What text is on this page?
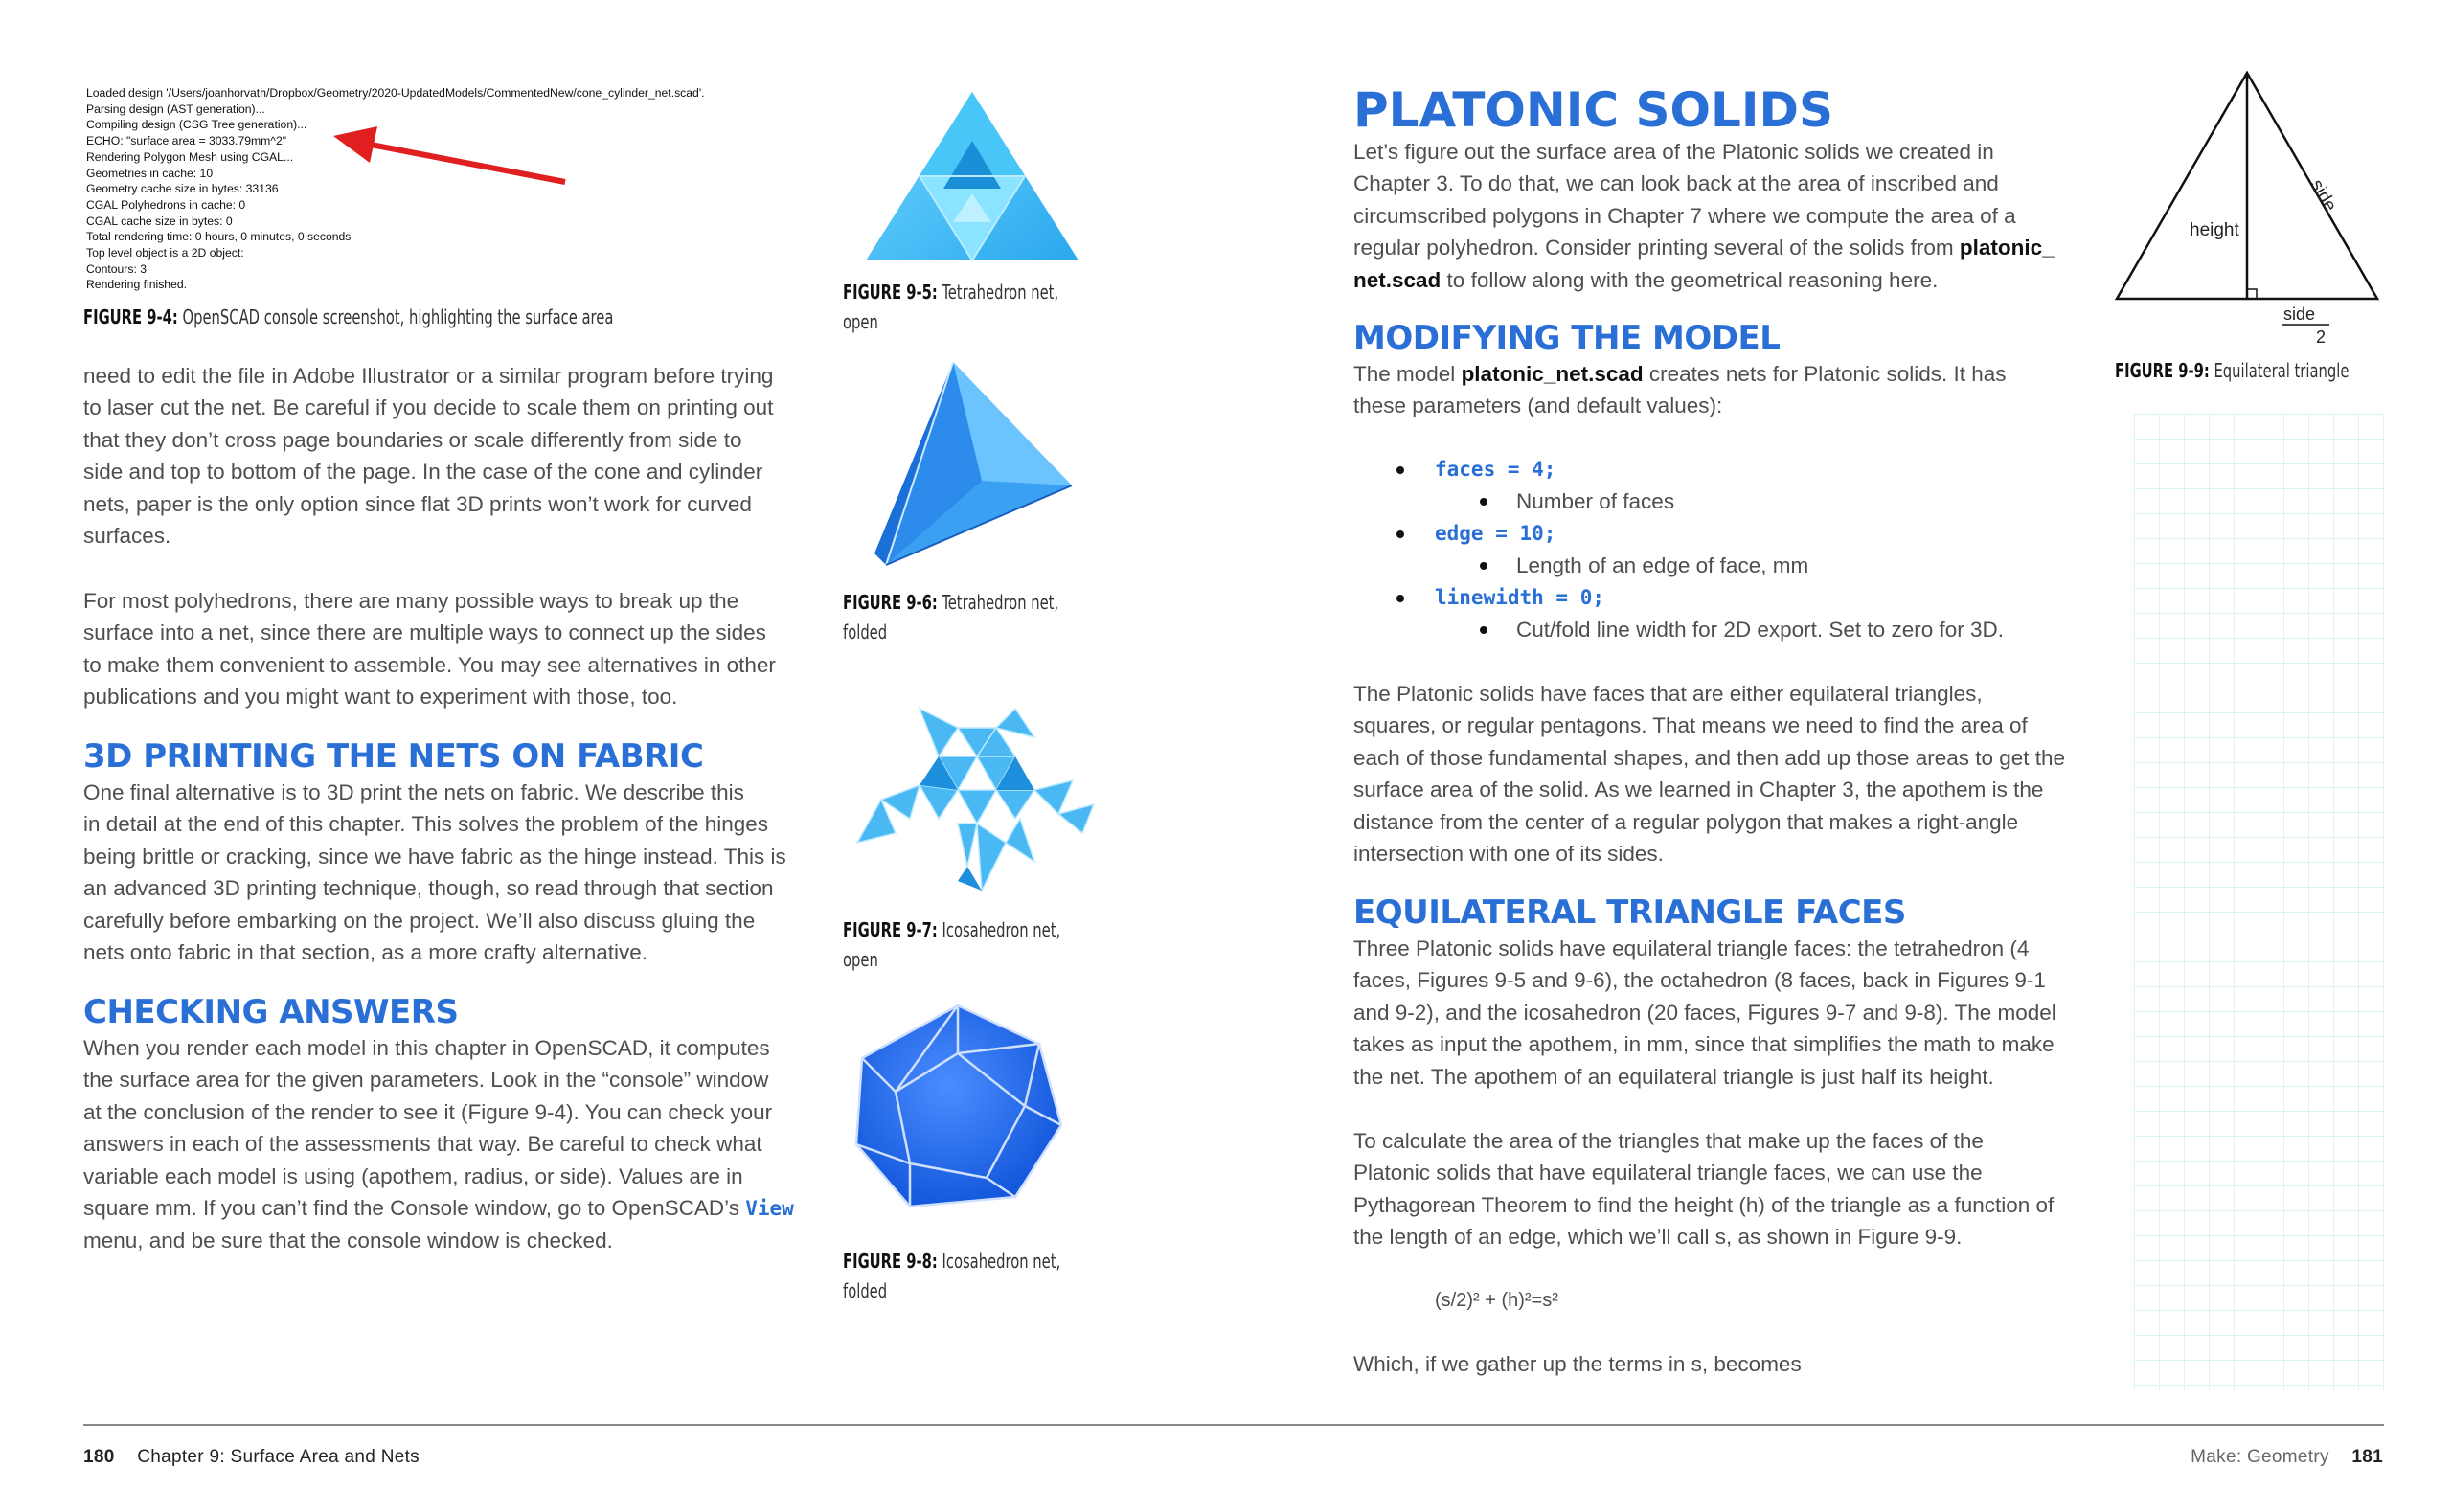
Loaded design '/Users/joanhorvath/Dropbox/Geometry/2020-UpdatedModels/CommentedNew/cone_cylinder_net.scad'.
Parsing design (AST generation)...
Compiling design (CSG Tree generation)...
ECHO: "surface area = 3033.79mm^2"
Rendering Polygon Mesh using CGAL...
Geometries in cache: 10
Geometry cache size in bytes: 33136
CGAL Polyhedrons in cache: 0
CGAL cache size in bytes: 0
Total rendering time: 0 hours, 0 minutes, 0 seconds
Top level object is a 2D object:
Contours: 3
Rendering finished.
FIGURE 9-4: OpenSCAD console screenshot, highlighting the surface area
need to edit the file in Adobe Illustrator or a similar program before trying
to laser cut the net. Be careful if you decide to scale them on printing out
that they don’t cross page boundaries or scale differently from side to
side and top to bottom of the page. In the case of the cone and cylinder
nets, paper is the only option since flat 3D prints won’t work for curved
surfaces.
For most polyhedrons, there are many possible ways to break up the
surface into a net, since there are multiple ways to connect up the sides
to make them convenient to assemble. You may see alternatives in other
publications and you might want to experiment with those, too.
3D PRINTING THE NETS ON FABRIC
One final alternative is to 3D print the nets on fabric. We describe this
in detail at the end of this chapter. This solves the problem of the hinges
being brittle or cracking, since we have fabric as the hinge instead. This is
an advanced 3D printing technique, though, so read through that section
carefully before embarking on the project. We’ll also discuss gluing the
nets onto fabric in that section, as a more crafty alternative.
CHECKING ANSWERS
When you render each model in this chapter in OpenSCAD, it computes
the surface area for the given parameters. Look in the “console” window
at the conclusion of the render to see it (Figure 9-4). You can check your
answers in each of the assessments that way. Be careful to check what
variable each model is using (apothem, radius, or side). Values are in
square mm. If you can’t find the Console window, go to OpenSCAD’s View
menu, and be sure that the console window is checked.
FIGURE 9-5: Tetrahedron net,
open
FIGURE 9-6: Tetrahedron net,
folded
FIGURE 9-7: Icosahedron net,
open
FIGURE 9-8: Icosahedron net,
folded
PLATONIC SOLIDS
Let’s figure out the surface area of the Platonic solids we created in
Chapter 3. To do that, we can look back at the area of inscribed and
circumscribed polygons in Chapter 7 where we compute the area of a
regular polyhedron. Consider printing several of the solids from platonic_
net.scad to follow along with the geometrical reasoning here.
MODIFYING THE MODEL
The model platonic_net.scad creates nets for Platonic solids. It has
these parameters (and default values):
faces = 4;
Number of faces
edge = 10;
Length of an edge of face, mm
linewidth = 0;
Cut/fold line width for 2D export. Set to zero for 3D.
The Platonic solids have faces that are either equilateral triangles,
squares, or regular pentagons. That means we need to find the area of
each of those fundamental shapes, and then add up those areas to get the
surface area of the solid. As we learned in Chapter 3, the apothem is the
distance from the center of a regular polygon that makes a right-angle
intersection with one of its sides.
EQUILATERAL TRIANGLE FACES
Three Platonic solids have equilateral triangle faces: the tetrahedron (4
faces, Figures 9-5 and 9-6), the octahedron (8 faces, back in Figures 9-1
and 9-2), and the icosahedron (20 faces, Figures 9-7 and 9-8). The model
takes as input the apothem, in mm, since that simplifies the math to make
the net. The apothem of an equilateral triangle is just half its height.
To calculate the area of the triangles that make up the faces of the
Platonic solids that have equilateral triangle faces, we can use the
Pythagorean Theorem to find the height (h) of the triangle as a function of
the length of an edge, which we’ll call s, as shown in Figure 9-9.
(s/2)² + (h)²=s²
Which, if we gather up the terms in s, becomes
height
side
side
2
FIGURE 9-9: Equilateral triangle
180 Chapter 9: Surface Area and Nets	Make: Geometry 181
